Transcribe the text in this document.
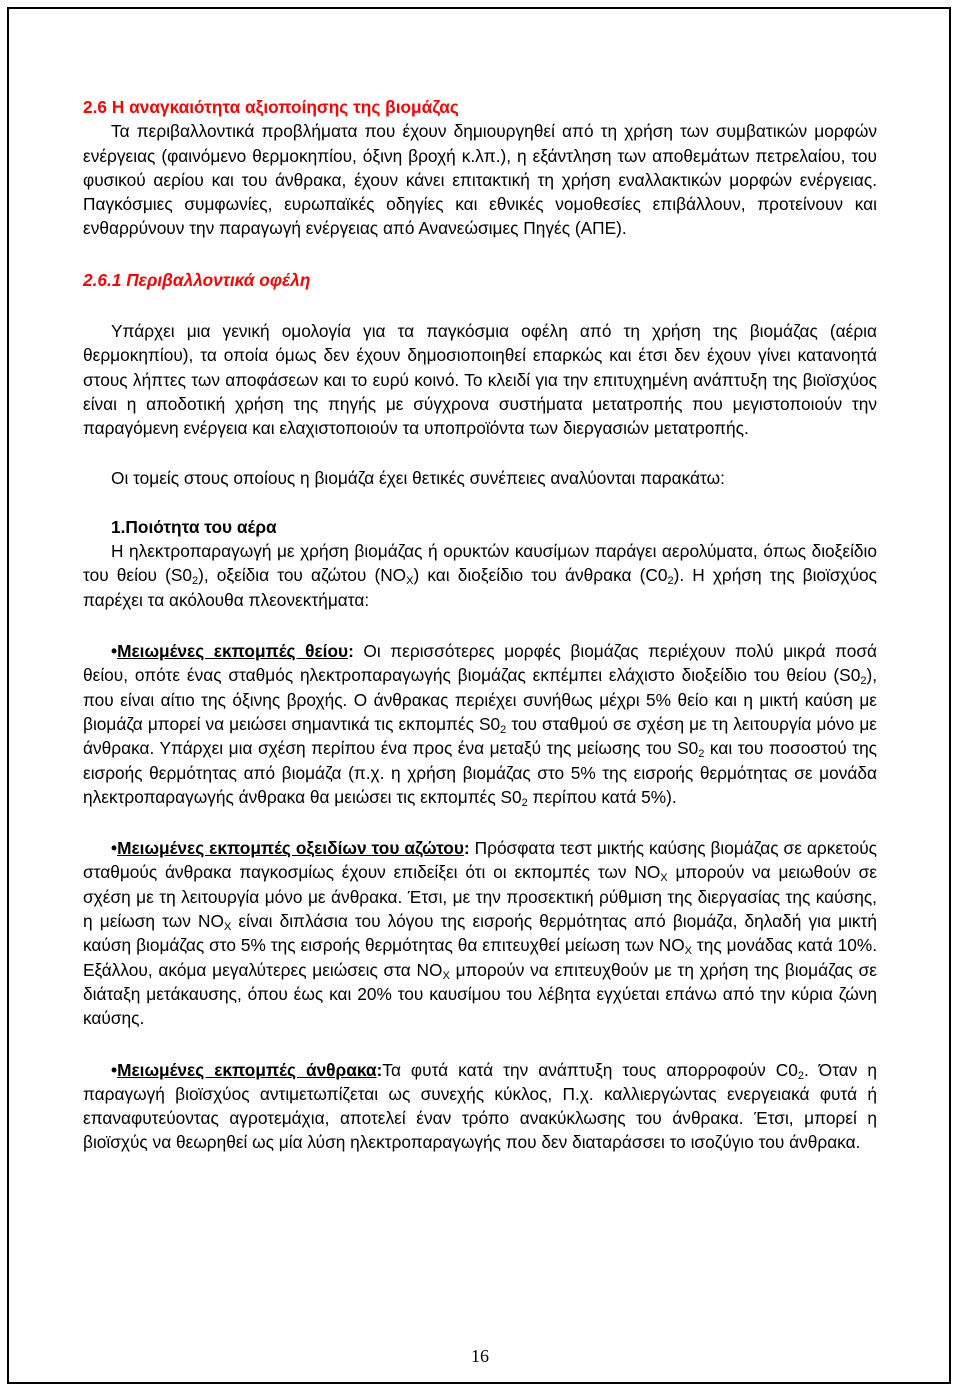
2.6 Η αναγκαιότητα αξιοποίησης της βιομάζας

Τα περιβαλλοντικά προβλήματα που έχουν δημιουργηθεί από τη χρήση των συμβατικών μορφών ενέργειας (φαινόμενο θερμοκηπίου, όξινη βροχή κ.λπ.), η εξάντληση των αποθεμάτων πετρελαίου, του φυσικού αερίου και του άνθρακα, έχουν κάνει επιτακτική τη χρήση εναλλακτικών μορφών ενέργειας. Παγκόσμιες συμφωνίες, ευρωπαϊκές οδηγίες και εθνικές νομοθεσίες επιβάλλουν, προτείνουν και ενθαρρύνουν την παραγωγή ενέργειας από Ανανεώσιμες Πηγές (ΑΠΕ).

2.6.1 Περιβαλλοντικά οφέλη

Υπάρχει μια γενική ομολογία για τα παγκόσμια οφέλη από τη χρήση της βιομάζας (αέρια θερμοκηπίου), τα οποία όμως δεν έχουν δημοσιοποιηθεί επαρκώς και έτσι δεν έχουν γίνει κατανοητά στους λήπτες των αποφάσεων και το ευρύ κοινό. Το κλειδί για την επιτυχημένη ανάπτυξη της βιοϊσχύος είναι η αποδοτική χρήση της πηγής με σύγχρονα συστήματα μετατροπής που μεγιστοποιούν την παραγόμενη ενέργεια και ελαχιστοποιούν τα υποπροϊόντα των διεργασιών μετατροπής.

Οι τομείς στους οποίους η βιομάζα έχει θετικές συνέπειες αναλύονται παρακάτω:

1.Ποιότητα του αέρα

Η ηλεκτροπαραγωγή με χρήση βιομάζας ή ορυκτών καυσίμων παράγει αερολύματα, όπως διοξείδιο του θείου $(S0_2)$, οξείδια του αζώτου $(NO_X)$ και διοξείδιο του άνθρακα $(C0_2)$. Η χρήση της βιοϊσχύος παρέχει τα ακόλουθα πλεονεκτήματα:

•Μειωμένες εκπομπές θείου: Οι περισσότερες μορφές βιομάζας περιέχουν πολύ μικρά ποσά θείου, οπότε ένας σταθμός ηλεκτροπαραγωγής βιομάζας εκπέμπει ελάχιστο διοξείδιο του θείου $(S0_2)$, που είναι αίτιο της όξινης βροχής. Ο άνθρακας περιέχει συνήθως μέχρι 5% θείο και η μικτή καύση με βιομάζα μπορεί να μειώσει σημαντικά τις εκπομπές $S0_2$ του σταθμού σε σχέση με τη λειτουργία μόνο με άνθρακα. Υπάρχει μια σχέση περίπου ένα προς ένα μεταξύ της μείωσης του $S0_2$ και του ποσοστού της εισροής θερμότητας από βιομάζα (π.χ. η χρήση βιομάζας στο 5% της εισροής θερμότητας σε μονάδα ηλεκτροπαραγωγής άνθρακα θα μειώσει τις εκπομπές $S0_2$ περίπου κατά 5%).

•Μειωμένες εκπομπές οξειδίων του αζώτου: Πρόσφατα τεστ μικτής καύσης βιομάζας σε αρκετούς σταθμούς άνθρακα παγκοσμίως έχουν επιδείξει ότι οι εκπομπές των $NO_X$ μπορούν να μειωθούν σε σχέση με τη λειτουργία μόνο με άνθρακα. Έτσι, με την προσεκτική ρύθμιση της διεργασίας της καύσης, η μείωση των $NO_X$ είναι διπλάσια του λόγου της εισροής θερμότητας από βιομάζα, δηλαδή για μικτή καύση βιομάζας στο 5% της εισροής θερμότητας θα επιτευχθεί μείωση των $NO_X$ της μονάδας κατά 10%. Εξάλλου, ακόμα μεγαλύτερες μειώσεις στα $NO_X$ μπορούν να επιτευχθούν με τη χρήση της βιομάζας σε διάταξη μετάκαυσης, όπου έως και 20% του καυσίμου του λέβητα εγχύεται επάνω από την κύρια ζώνη καύσης.

•Μειωμένες εκπομπές άνθρακα:Τα φυτά κατά την ανάπτυξη τους απορροφούν $C0_2$. Όταν η παραγωγή βιοϊσχύος αντιμετωπίζεται ως συνεχής κύκλος, Π.χ. καλλιεργώντας ενεργειακά φυτά ή επαναφυτεύοντας αγροτεμάχια, αποτελεί έναν τρόπο ανακύκλωσης του άνθρακα. Έτσι, μπορεί η βιοϊσχύς να θεωρηθεί ως μία λύση ηλεκτροπαραγωγής που δεν διαταράσσει το ισοζύγιο του άνθρακα.

16
